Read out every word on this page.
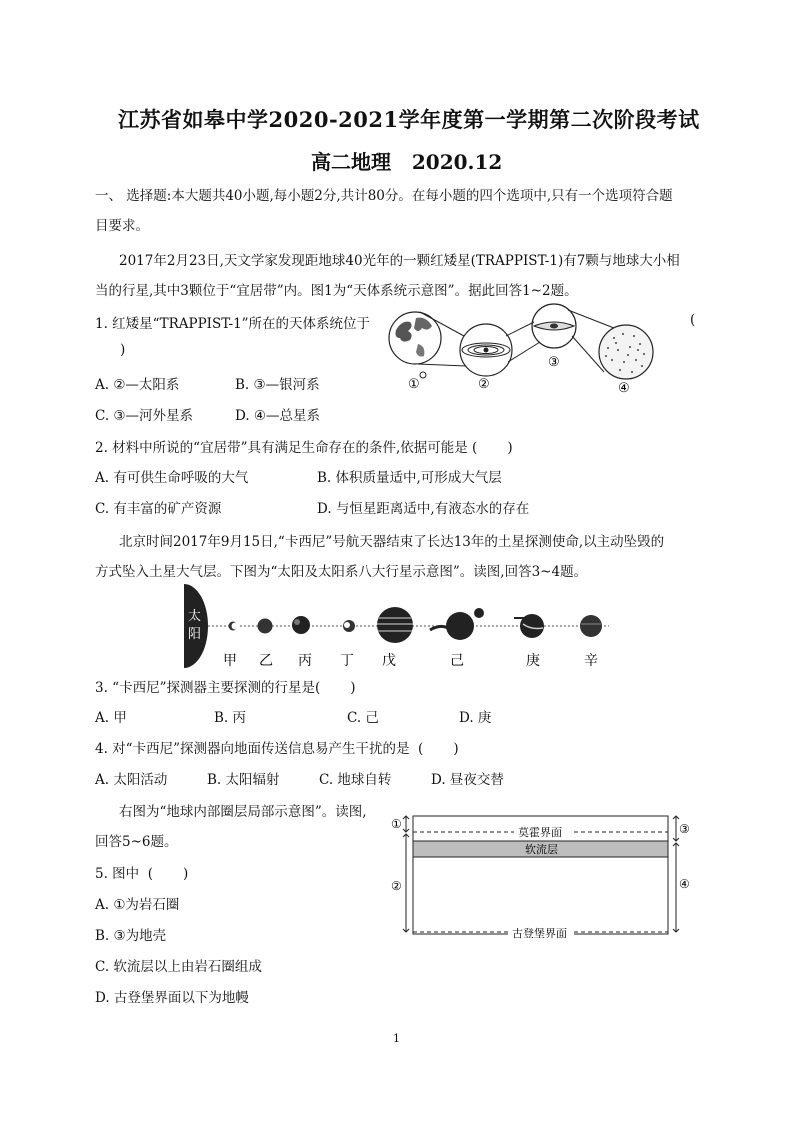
江苏省如皋中学2020-2021学年度第一学期第二次阶段考试
高二地理   2020.12
一、 选择题:本大题共40小题,每小题2分,共计80分。在每小题的四个选项中,只有一个选项符合题
目要求。
2017年2月23日,天文学家发现距地球40光年的一颗红矮星(TRAPPIST-1)有7颗与地球大小相
当的行星,其中3颗位于“宜居带”内。图1为“天体系统示意图”。据此回答1~2题。
1. 红矮星“TRAPPIST-1”所在的天体系统位于	(
)
A. ②—太阳系	B. ③—银河系
C. ③—河外星系	D. ④—总星系
①	②
③
④
2. 材料中所说的“宜居带”具有满足生命存在的条件,依据可能是 (       )
A. 有可供生命呼吸的大气	B. 体积质量适中,可形成大气层
C. 有丰富的矿产资源	D. 与恒星距离适中,有液态水的存在
北京时间2017年9月15日,“卡西尼”号航天器结束了长达13年的土星探测使命,以主动坠毁的
方式坠入土星大气层。下图为“太阳及太阳系八大行星示意图”。读图,回答3~4题。
太
阳
甲 乙 丙 丁 戊	己	庚	辛
3. “卡西尼”探测器主要探测的行星是(       )
A. 甲	B. 丙	C. 己	D. 庚
4. 对“卡西尼”探测器向地面传送信息易产生干扰的是  (       )
A. 太阳活动	B. 太阳辐射	C. 地球自转	D. 昼夜交替
右图为“地球内部圈层局部示意图”。读图,
回答5~6题。
莫霍界面
软流层
古登堡界面
①
②
③
④
5. 图中  (       )
A. ①为岩石圈
B. ③为地壳
C. 软流层以上由岩石圈组成
D. 古登堡界面以下为地幔
1
